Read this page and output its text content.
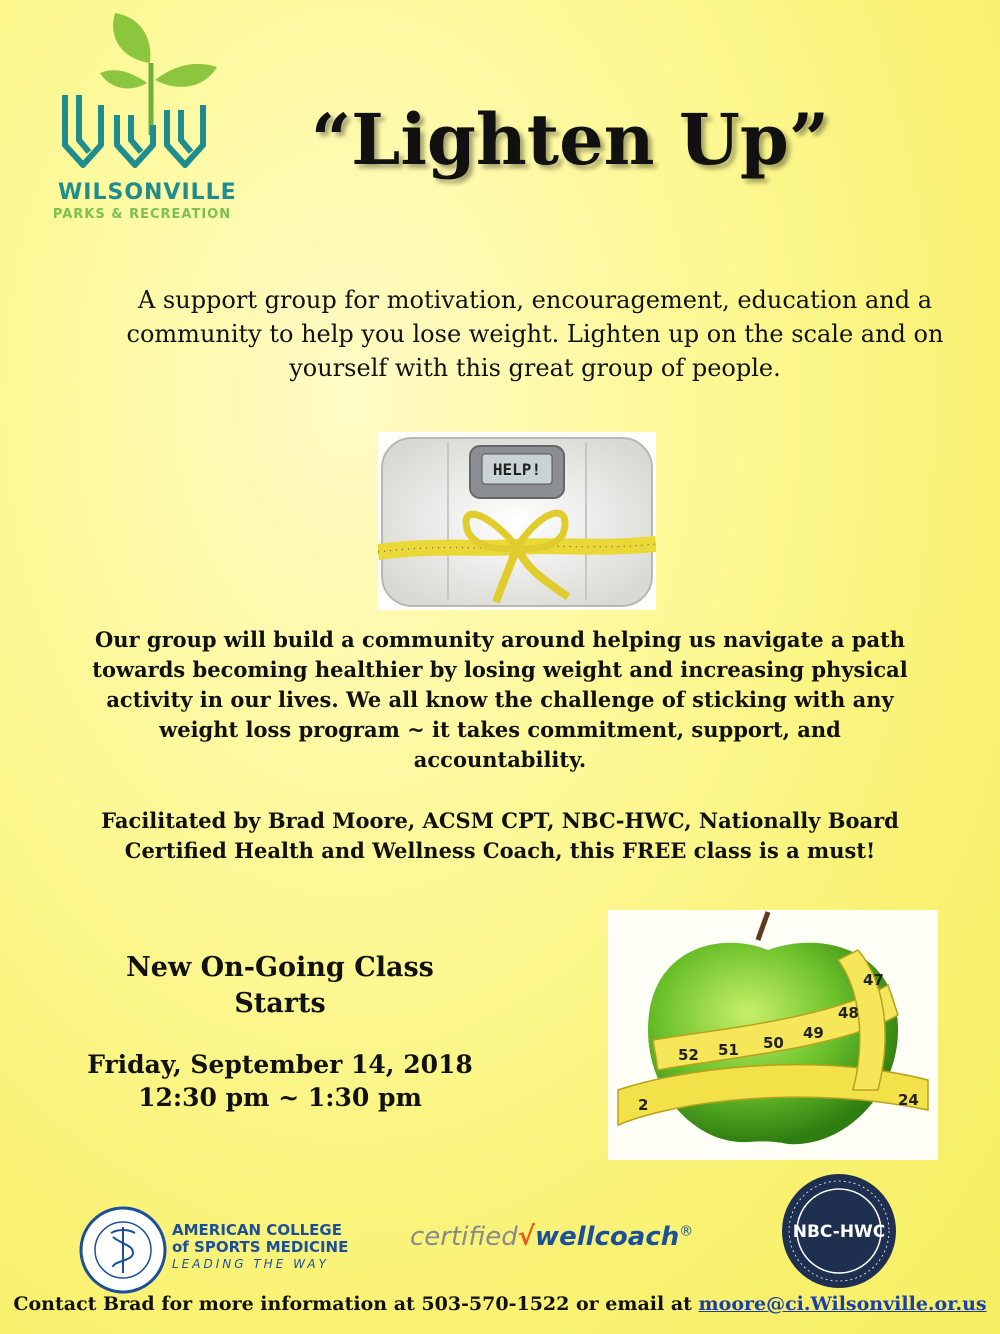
WILSONVILLE
PARKS & RECREATION
“Lighten Up”
A support group for motivation, encouragement, education and a community to help you lose weight. Lighten up on the scale and on yourself with this great group of people.
HELP!
Our group will build a community around helping us navigate a path towards becoming healthier by losing weight and increasing physical activity in our lives. We all know the challenge of sticking with any weight loss program ~ it takes commitment, support, and accountability.
Facilitated by Brad Moore, ACSM CPT, NBC-HWC, Nationally Board Certified Health and Wellness Coach, this FREE class is a must!
New On-Going Class Starts
Friday, September 14, 2018
12:30 pm ~ 1:30 pm	2
52 51 50
49
48
47
24
AMERICAN COLLEGE
of SPORTS MEDICINE
LEADING THE WAY
certified√wellcoach®	NBC-HWC
Contact Brad for more information at 503-570-1522 or email at moore@ci.Wilsonville.or.us
